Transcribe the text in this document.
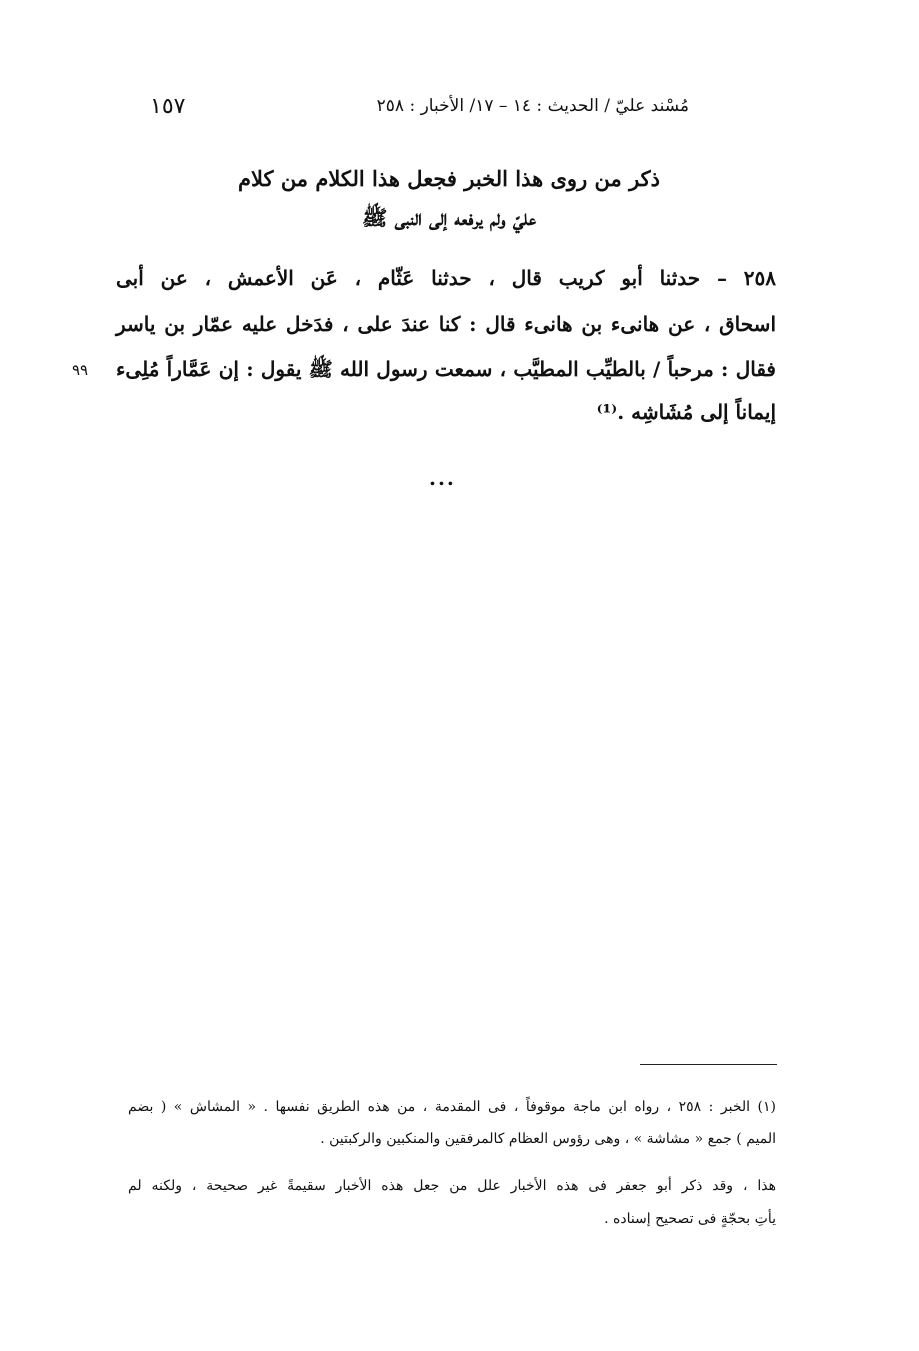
١٥٧	مُسْند عليّ / الحديث : ١٤ – ١٧/ الأخبار : ٢٥٨
ذكر من روى هذا الخبر فجعل هذا الكلام من كلام
عليّ ولم يرفعه إلى النبى ﷺ
٢٥٨ – حدثنا أبو كريب قال ، حدثنا عَثّام ، عَن الأعمش ، عن أبى
اسحاق ، عن هانىء بن هانىء قال : كنا عندَ على ، فدَخل عليه عمّار بن ياسر
فقال : مرحباً / بالطيِّب المطيَّب ، سمعت رسول الله ﷺ يقول : إن عَمَّاراً مُلِىء
إيماناً إلى مُشَاشِه .⁽¹⁾
٩٩
...
(١) الخبر : ٢٥٨ ، رواه ابن ماجة موقوفاً ، فى المقدمة ، من هذه الطريق نفسها . « المشاش » ( بضم
الميم ) جمع « مشاشة » ، وهى رؤوس العظام كالمرفقين والمنكبين والركبتين .
هذا ، وقد ذكر أبو جعفر فى هذه الأخبار علل من جعل هذه الأخبار سقيمةً غير صحيحة ، ولكنه لم
يأتِ بحجّةٍ فى تصحيح إسناده .
